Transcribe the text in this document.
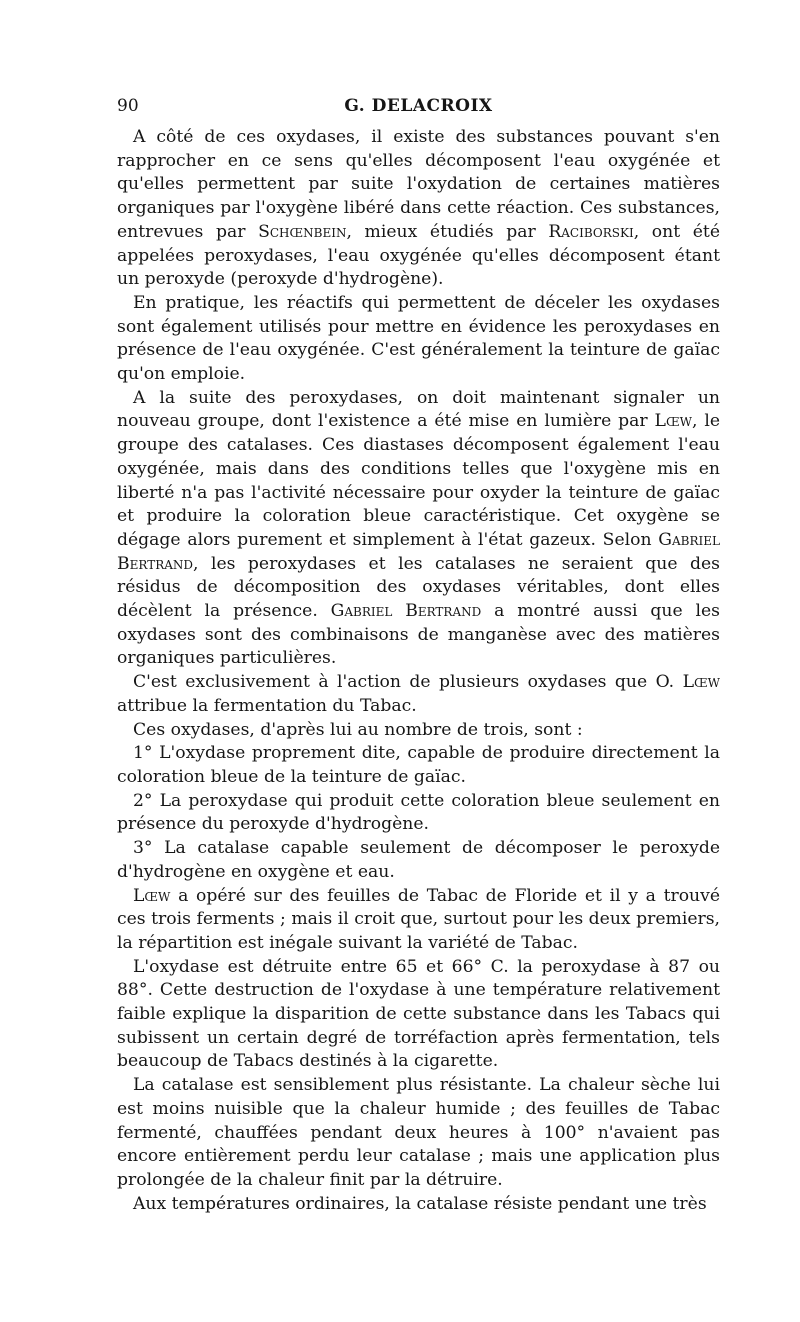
90	G. DELACROIX

A côté de ces oxydases, il existe des substances pouvant s'en rapprocher en ce sens qu'elles décomposent l'eau oxygénée et qu'elles permettent par suite l'oxydation de certaines matières organiques par l'oxygène libéré dans cette réaction. Ces substances, entrevues par Schœnbein, mieux étudiés par Raciborski, ont été appelées peroxydases, l'eau oxygénée qu'elles décomposent étant un peroxyde (peroxyde d'hydrogène).

En pratique, les réactifs qui permettent de déceler les oxydases sont également utilisés pour mettre en évidence les peroxydases en présence de l'eau oxygénée. C'est généralement la teinture de gaïac qu'on emploie.

A la suite des peroxydases, on doit maintenant signaler un nouveau groupe, dont l'existence a été mise en lumière par Lœw, le groupe des catalases. Ces diastases décomposent également l'eau oxygénée, mais dans des conditions telles que l'oxygène mis en liberté n'a pas l'activité nécessaire pour oxyder la teinture de gaïac et produire la coloration bleue caractéristique. Cet oxygène se dégage alors purement et simplement à l'état gazeux. Selon Gabriel Bertrand, les peroxydases et les catalases ne seraient que des résidus de décomposition des oxydases véritables, dont elles décèlent la présence. Gabriel Bertrand a montré aussi que les oxydases sont des combinaisons de manganèse avec des matières organiques particulières.

C'est exclusivement à l'action de plusieurs oxydases que O. Lœw attribue la fermentation du Tabac.

Ces oxydases, d'après lui au nombre de trois, sont :

1° L'oxydase proprement dite, capable de produire directement la coloration bleue de la teinture de gaïac.

2° La peroxydase qui produit cette coloration bleue seulement en présence du peroxyde d'hydrogène.

3° La catalase capable seulement de décomposer le peroxyde d'hydrogène en oxygène et eau.

Lœw a opéré sur des feuilles de Tabac de Floride et il y a trouvé ces trois ferments ; mais il croit que, surtout pour les deux premiers, la répartition est inégale suivant la variété de Tabac.

L'oxydase est détruite entre 65 et 66° C. la peroxydase à 87 ou 88°. Cette destruction de l'oxydase à une température relativement faible explique la disparition de cette substance dans les Tabacs qui subissent un certain degré de torréfaction après fermentation, tels beaucoup de Tabacs destinés à la cigarette.

La catalase est sensiblement plus résistante. La chaleur sèche lui est moins nuisible que la chaleur humide ; des feuilles de Tabac fermenté, chauffées pendant deux heures à 100° n'avaient pas encore entièrement perdu leur catalase ; mais une application plus prolongée de la chaleur finit par la détruire.

Aux températures ordinaires, la catalase résiste pendant une très
